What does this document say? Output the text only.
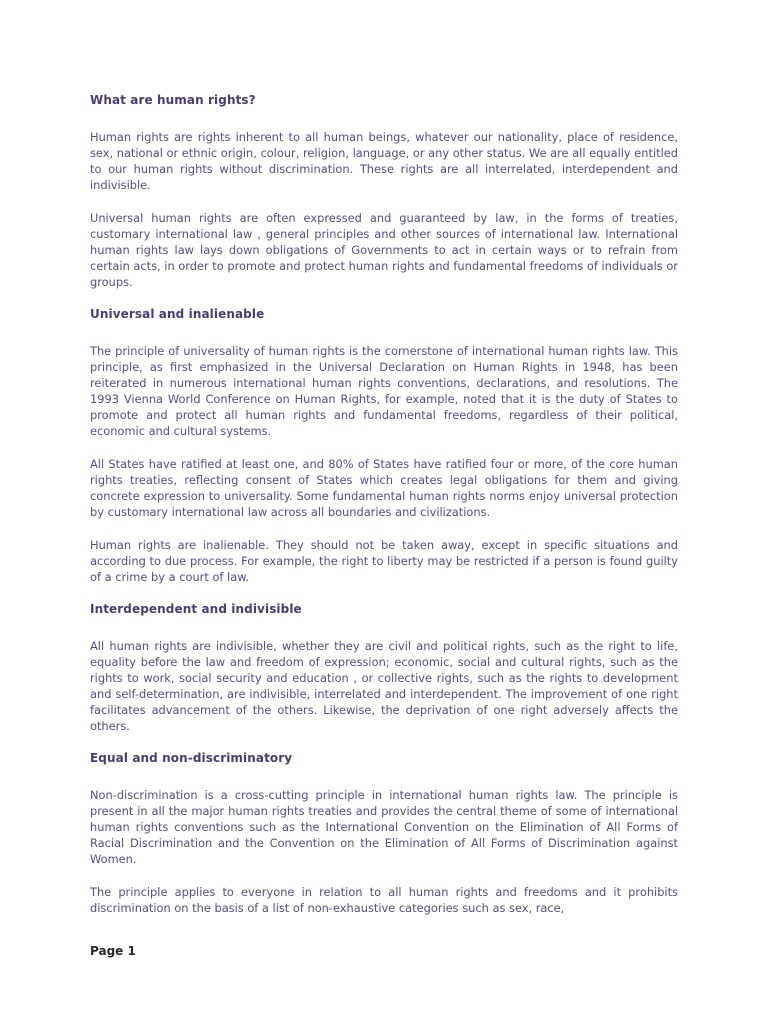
What are human rights?

Human rights are rights inherent to all human beings, whatever our nationality, place of residence, sex, national or ethnic origin, colour, religion, language, or any other status. We are all equally entitled to our human rights without discrimination. These rights are all interrelated, interdependent and indivisible.

Universal human rights are often expressed and guaranteed by law, in the forms of treaties, customary international law , general principles and other sources of international law. International human rights law lays down obligations of Governments to act in certain ways or to refrain from certain acts, in order to promote and protect human rights and fundamental freedoms of individuals or groups.

Universal and inalienable

The principle of universality of human rights is the cornerstone of international human rights law. This principle, as first emphasized in the Universal Declaration on Human Rights in 1948, has been reiterated in numerous international human rights conventions, declarations, and resolutions. The 1993 Vienna World Conference on Human Rights, for example, noted that it is the duty of States to promote and protect all human rights and fundamental freedoms, regardless of their political, economic and cultural systems.

All States have ratified at least one, and 80% of States have ratified four or more, of the core human rights treaties, reflecting consent of States which creates legal obligations for them and giving concrete expression to universality. Some fundamental human rights norms enjoy universal protection by customary international law across all boundaries and civilizations.

Human rights are inalienable. They should not be taken away, except in specific situations and according to due process. For example, the right to liberty may be restricted if a person is found guilty of a crime by a court of law.

Interdependent and indivisible

All human rights are indivisible, whether they are civil and political rights, such as the right to life, equality before the law and freedom of expression; economic, social and cultural rights, such as the rights to work, social security and education , or collective rights, such as the rights to development and self-determination, are indivisible, interrelated and interdependent. The improvement of one right facilitates advancement of the others. Likewise, the deprivation of one right adversely affects the others.

Equal and non-discriminatory

Non-discrimination is a cross-cutting principle in international human rights law. The principle is present in all the major human rights treaties and provides the central theme of some of international human rights conventions such as the International Convention on the Elimination of All Forms of Racial Discrimination and the Convention on the Elimination of All Forms of Discrimination against Women.

The principle applies to everyone in relation to all human rights and freedoms and it prohibits discrimination on the basis of a list of non-exhaustive categories such as sex, race,

Page 1
